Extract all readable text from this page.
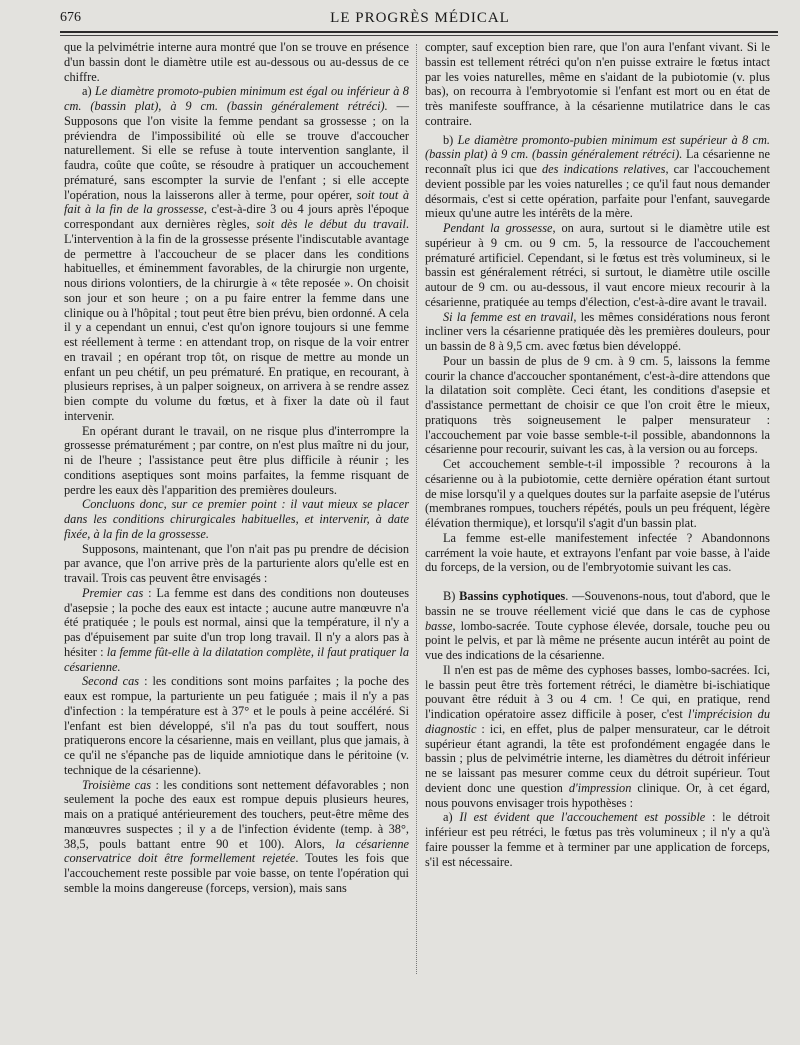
676	LE PROGRÈS MÉDICAL

que la pelvimétrie interne aura montré que l'on se trouve en présence d'un bassin dont le diamètre utile est au-dessous ou au-dessus de ce chiffre.

a) Le diamètre promoto-pubien minimum est égal ou inférieur à 8 cm. (bassin plat), à 9 cm. (bassin généralement rétréci). — Supposons que l'on visite la femme pendant sa grossesse ; on la préviendra de l'impossibilité où elle se trouve d'accoucher naturellement. Si elle se refuse à toute intervention sanglante, il faudra, coûte que coûte, se résoudre à pratiquer un accouchement prématuré, sans escompter la survie de l'enfant ; si elle accepte l'opération, nous la laisserons aller à terme, pour opérer, soit tout à fait à la fin de la grossesse, c'est-à-dire 3 ou 4 jours après l'époque correspondant aux dernières règles, soit dès le début du travail. L'intervention à la fin de la grossesse présente l'indiscutable avantage de permettre à l'accoucheur de se placer dans les conditions habituelles, et éminemment favorables, de la chirurgie non urgente, nous dirions volontiers, de la chirurgie à « tête reposée ». On choisit son jour et son heure ; on a pu faire entrer la femme dans une clinique ou à l'hôpital ; tout peut être bien prévu, bien ordonné. A cela il y a cependant un ennui, c'est qu'on ignore toujours si une femme est réellement à terme : en attendant trop, on risque de la voir entrer en travail ; en opérant trop tôt, on risque de mettre au monde un enfant un peu chétif, un peu prématuré. En pratique, en recourant, à plusieurs reprises, à un palper soigneux, on arrivera à se rendre assez bien compte du volume du fœtus, et à fixer la date où il faut intervenir.

En opérant durant le travail, on ne risque plus d'interrompre la grossesse prématurément ; par contre, on n'est plus maître ni du jour, ni de l'heure ; l'assistance peut être plus difficile à réunir ; les conditions aseptiques sont moins parfaites, la femme risquant de perdre les eaux dès l'apparition des premières douleurs.

Concluons donc, sur ce premier point : il vaut mieux se placer dans les conditions chirurgicales habituelles, et intervenir, à date fixée, à la fin de la grossesse.

Supposons, maintenant, que l'on n'ait pas pu prendre de décision par avance, que l'on arrive près de la parturiente alors qu'elle est en travail. Trois cas peuvent être envisagés :

Premier cas : La femme est dans des conditions non douteuses d'asepsie ; la poche des eaux est intacte ; aucune autre manœuvre n'a été pratiquée ; le pouls est normal, ainsi que la température, il n'y a pas d'épuisement par suite d'un trop long travail. Il n'y a alors pas à hésiter : la femme fût-elle à la dilatation complète, il faut pratiquer la césarienne.

Second cas : les conditions sont moins parfaites ; la poche des eaux est rompue, la parturiente un peu fatiguée ; mais il n'y a pas d'infection : la température est à 37° et le pouls à peine accéléré. Si l'enfant est bien développé, s'il n'a pas du tout souffert, nous pratiquerons encore la césarienne, mais en veillant, plus que jamais, à ce qu'il ne s'épanche pas de liquide amniotique dans le péritoine (v. technique de la césarienne).

Troisième cas : les conditions sont nettement défavorables ; non seulement la poche des eaux est rompue depuis plusieurs heures, mais on a pratiqué antérieurement des touchers, peut-être même des manœuvres suspectes ; il y a de l'infection évidente (temp. à 38°, 38,5, pouls battant entre 90 et 100). Alors, la césarienne conservatrice doit être formellement rejetée. Toutes les fois que l'accouchement reste possible par voie basse, on tente l'opération qui semble la moins dangereuse (forceps, version), mais sans

compter, sauf exception bien rare, que l'on aura l'enfant vivant. Si le bassin est tellement rétréci qu'on n'en puisse extraire le fœtus intact par les voies naturelles, même en s'aidant de la pubiotomie (v. plus bas), on recourra à l'embryotomie si l'enfant est mort ou en état de très manifeste souffrance, à la césarienne mutilatrice dans le cas contraire.

b) Le diamètre promonto-pubien minimum est supérieur à 8 cm. (bassin plat) à 9 cm. (bassin généralement rétréci). La césarienne ne reconnaît plus ici que des indications relatives, car l'accouchement devient possible par les voies naturelles ; ce qu'il faut nous demander désormais, c'est si cette opération, parfaite pour l'enfant, sauvegarde mieux qu'une autre les intérêts de la mère.

Pendant la grossesse, on aura, surtout si le diamètre utile est supérieur à 9 cm. ou 9 cm. 5, la ressource de l'accouchement prématuré artificiel. Cependant, si le fœtus est très volumineux, si le bassin est généralement rétréci, si surtout, le diamètre utile oscille autour de 9 cm. ou au-dessous, il vaut encore mieux recourir à la césarienne, pratiquée au temps d'élection, c'est-à-dire avant le travail.

Si la femme est en travail, les mêmes considérations nous feront incliner vers la césarienne pratiquée dès les premières douleurs, pour un bassin de 8 à 9,5 cm. avec fœtus bien développé.

Pour un bassin de plus de 9 cm. à 9 cm. 5, laissons la femme courir la chance d'accoucher spontanément, c'est-à-dire attendons que la dilatation soit complète. Ceci étant, les conditions d'asepsie et d'assistance permettant de choisir ce que l'on croit être le mieux, pratiquons très soigneusement le palper mensurateur : l'accouchement par voie basse semble-t-il possible, abandonnons la césarienne pour recourir, suivant les cas, à la version ou au forceps.

Cet accouchement semble-t-il impossible ? recourons à la césarienne ou à la pubiotomie, cette dernière opération étant surtout de mise lorsqu'il y a quelques doutes sur la parfaite asepsie de l'utérus (membranes rompues, touchers répétés, pouls un peu fréquent, légère élévation thermique), et lorsqu'il s'agit d'un bassin plat.

La femme est-elle manifestement infectée ? Abandonnons carrément la voie haute, et extrayons l'enfant par voie basse, à l'aide du forceps, de la version, ou de l'embryotomie suivant les cas.

B) Bassins cyphotiques. —Souvenons-nous, tout d'abord, que le bassin ne se trouve réellement vicié que dans le cas de cyphose basse, lombo-sacrée. Toute cyphose élevée, dorsale, touche peu ou point le pelvis, et par là même ne présente aucun intérêt au point de vue des indications de la césarienne.

Il n'en est pas de même des cyphoses basses, lombo-sacrées. Ici, le bassin peut être très fortement rétréci, le diamètre bi-ischiatique pouvant être réduit à 3 ou 4 cm. ! Ce qui, en pratique, rend l'indication opératoire assez difficile à poser, c'est l'imprécision du diagnostic : ici, en effet, plus de palper mensurateur, car le détroit supérieur étant agrandi, la tête est profondément engagée dans le bassin ; plus de pelvimétrie interne, les diamètres du détroit inférieur ne se laissant pas mesurer comme ceux du détroit supérieur. Tout devient donc une question d'impression clinique. Or, à cet égard, nous pouvons envisager trois hypothèses :

a) Il est évident que l'accouchement est possible : le détroit inférieur est peu rétréci, le fœtus pas très volumineux ; il n'y a qu'à faire pousser la femme et à terminer par une application de forceps, s'il est nécessaire.
